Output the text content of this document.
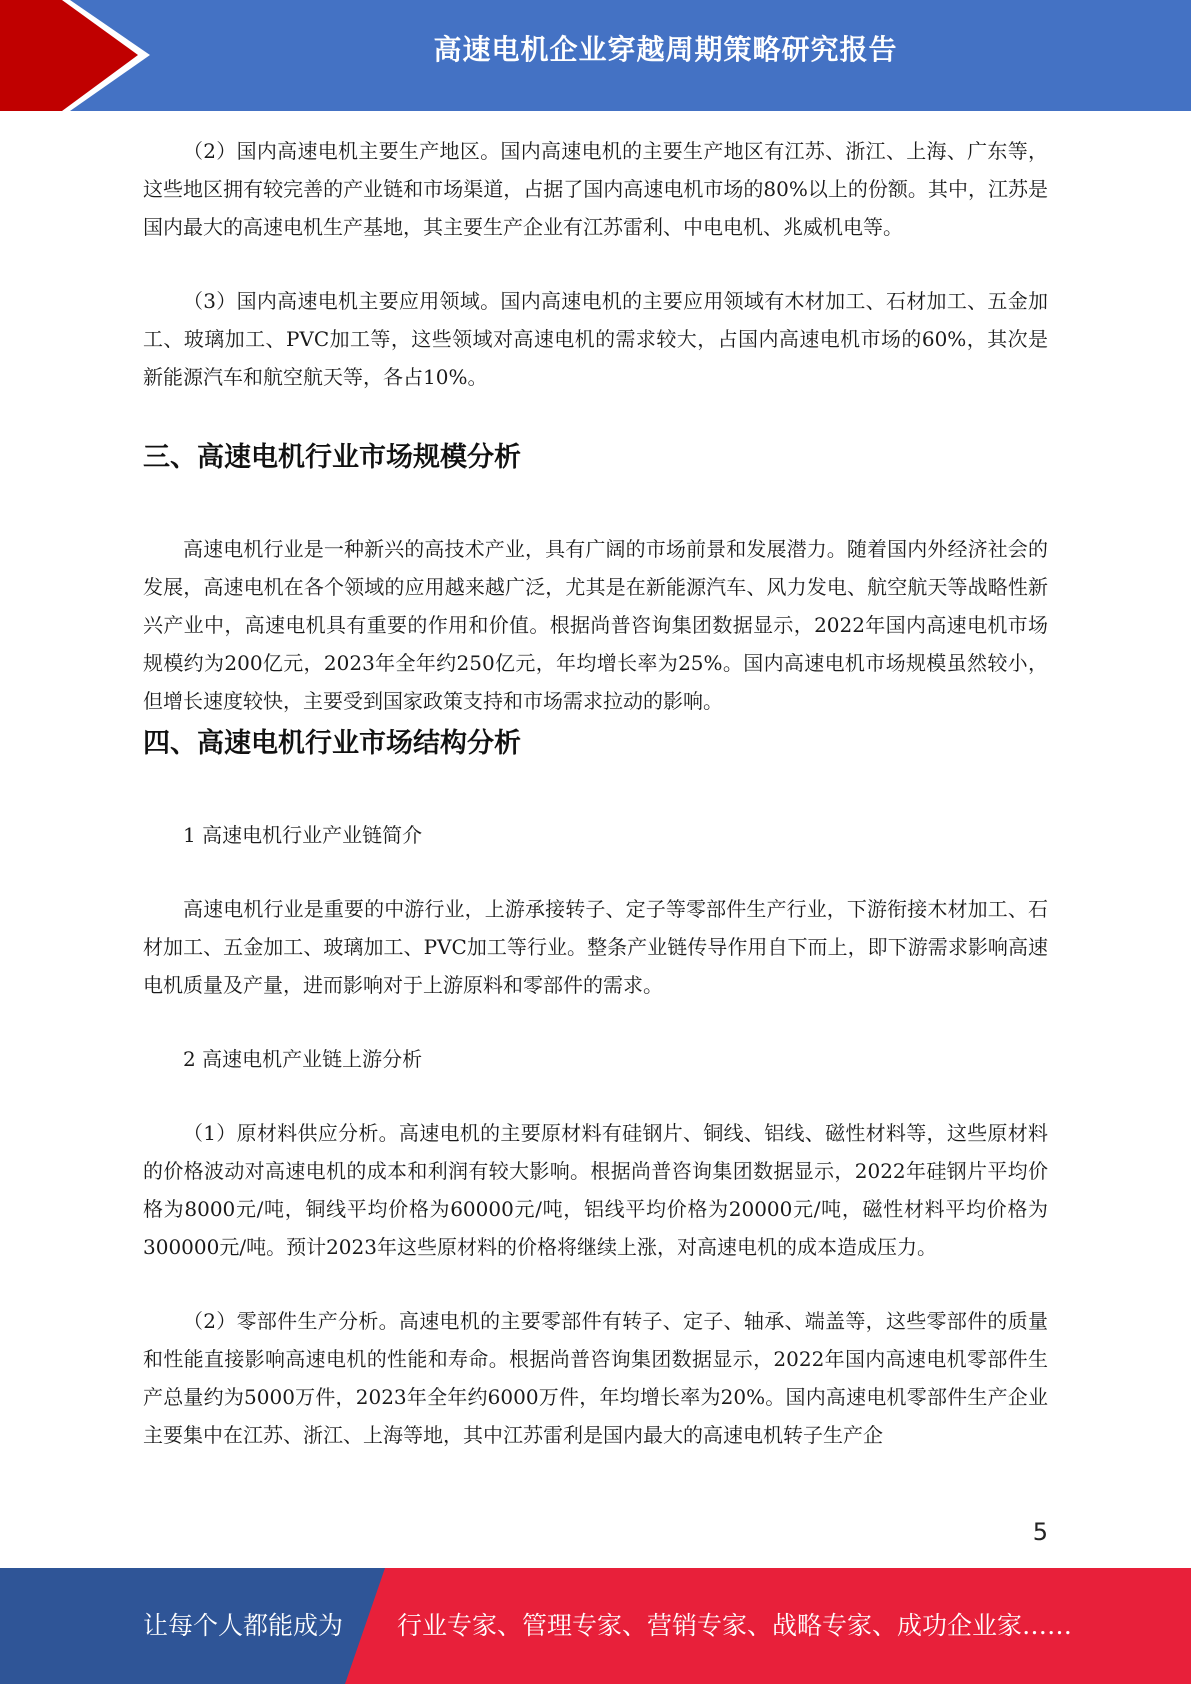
高速电机企业穿越周期策略研究报告

（2）国内高速电机主要生产地区。国内高速电机的主要生产地区有江苏、浙江、上海、广东等，这些地区拥有较完善的产业链和市场渠道，占据了国内高速电机市场的80%以上的份额。其中，江苏是国内最大的高速电机生产基地，其主要生产企业有江苏雷利、中电电机、兆威机电等。

（3）国内高速电机主要应用领域。国内高速电机的主要应用领域有木材加工、石材加工、五金加工、玻璃加工、PVC加工等，这些领域对高速电机的需求较大，占国内高速电机市场的60%，其次是新能源汽车和航空航天等，各占10%。

三、高速电机行业市场规模分析

高速电机行业是一种新兴的高技术产业，具有广阔的市场前景和发展潜力。随着国内外经济社会的发展，高速电机在各个领域的应用越来越广泛，尤其是在新能源汽车、风力发电、航空航天等战略性新兴产业中，高速电机具有重要的作用和价值。根据尚普咨询集团数据显示，2022年国内高速电机市场规模约为200亿元，2023年全年约250亿元，年均增长率为25%。国内高速电机市场规模虽然较小，但增长速度较快，主要受到国家政策支持和市场需求拉动的影响。

四、高速电机行业市场结构分析

1 高速电机行业产业链简介

高速电机行业是重要的中游行业，上游承接转子、定子等零部件生产行业，下游衔接木材加工、石材加工、五金加工、玻璃加工、PVC加工等行业。整条产业链传导作用自下而上，即下游需求影响高速电机质量及产量，进而影响对于上游原料和零部件的需求。

2 高速电机产业链上游分析

（1）原材料供应分析。高速电机的主要原材料有硅钢片、铜线、铝线、磁性材料等，这些原材料的价格波动对高速电机的成本和利润有较大影响。根据尚普咨询集团数据显示，2022年硅钢片平均价格为8000元/吨，铜线平均价格为60000元/吨，铝线平均价格为20000元/吨，磁性材料平均价格为300000元/吨。预计2023年这些原材料的价格将继续上涨，对高速电机的成本造成压力。

（2）零部件生产分析。高速电机的主要零部件有转子、定子、轴承、端盖等，这些零部件的质量和性能直接影响高速电机的性能和寿命。根据尚普咨询集团数据显示，2022年国内高速电机零部件生产总量约为5000万件，2023年全年约6000万件，年均增长率为20%。国内高速电机零部件生产企业主要集中在江苏、浙江、上海等地，其中江苏雷利是国内最大的高速电机转子生产企

5
让每个人都能成为 行业专家、管理专家、营销专家、战略专家、成功企业家……
